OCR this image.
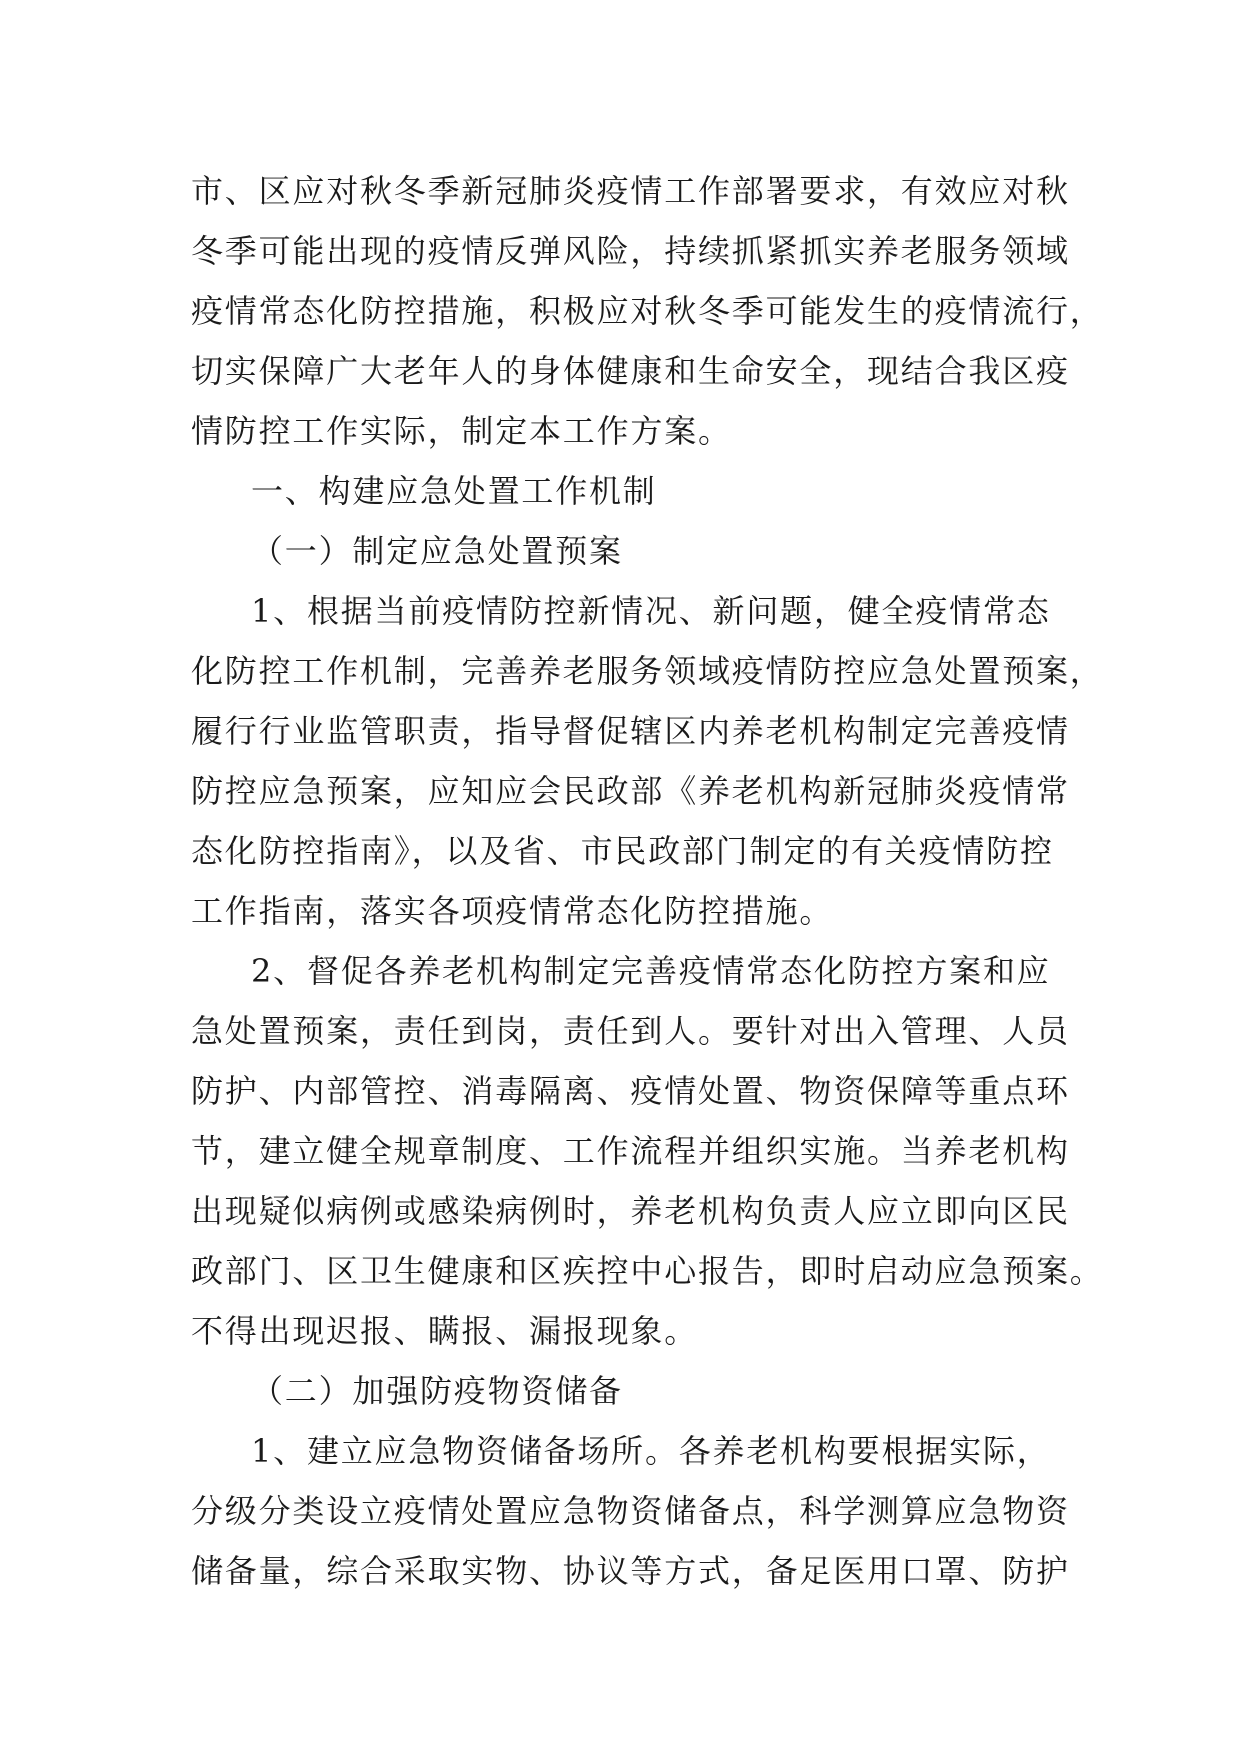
市、区应对秋冬季新冠肺炎疫情工作部署要求，有效应对秋
冬季可能出现的疫情反弹风险，持续抓紧抓实养老服务领域
疫情常态化防控措施，积极应对秋冬季可能发生的疫情流行，
切实保障广大老年人的身体健康和生命安全，现结合我区疫
情防控工作实际，制定本工作方案。
一、构建应急处置工作机制
（一）制定应急处置预案
1、根据当前疫情防控新情况、新问题，健全疫情常态
化防控工作机制，完善养老服务领域疫情防控应急处置预案，
履行行业监管职责，指导督促辖区内养老机构制定完善疫情
防控应急预案，应知应会民政部《养老机构新冠肺炎疫情常
态化防控指南》，以及省、市民政部门制定的有关疫情防控
工作指南，落实各项疫情常态化防控措施。
2、督促各养老机构制定完善疫情常态化防控方案和应
急处置预案，责任到岗，责任到人。要针对出入管理、人员
防护、内部管控、消毒隔离、疫情处置、物资保障等重点环
节，建立健全规章制度、工作流程并组织实施。当养老机构
出现疑似病例或感染病例时，养老机构负责人应立即向区民
政部门、区卫生健康和区疾控中心报告，即时启动应急预案。
不得出现迟报、瞒报、漏报现象。
（二）加强防疫物资储备
1、建立应急物资储备场所。各养老机构要根据实际，
分级分类设立疫情处置应急物资储备点，科学测算应急物资
储备量，综合采取实物、协议等方式，备足医用口罩、防护
